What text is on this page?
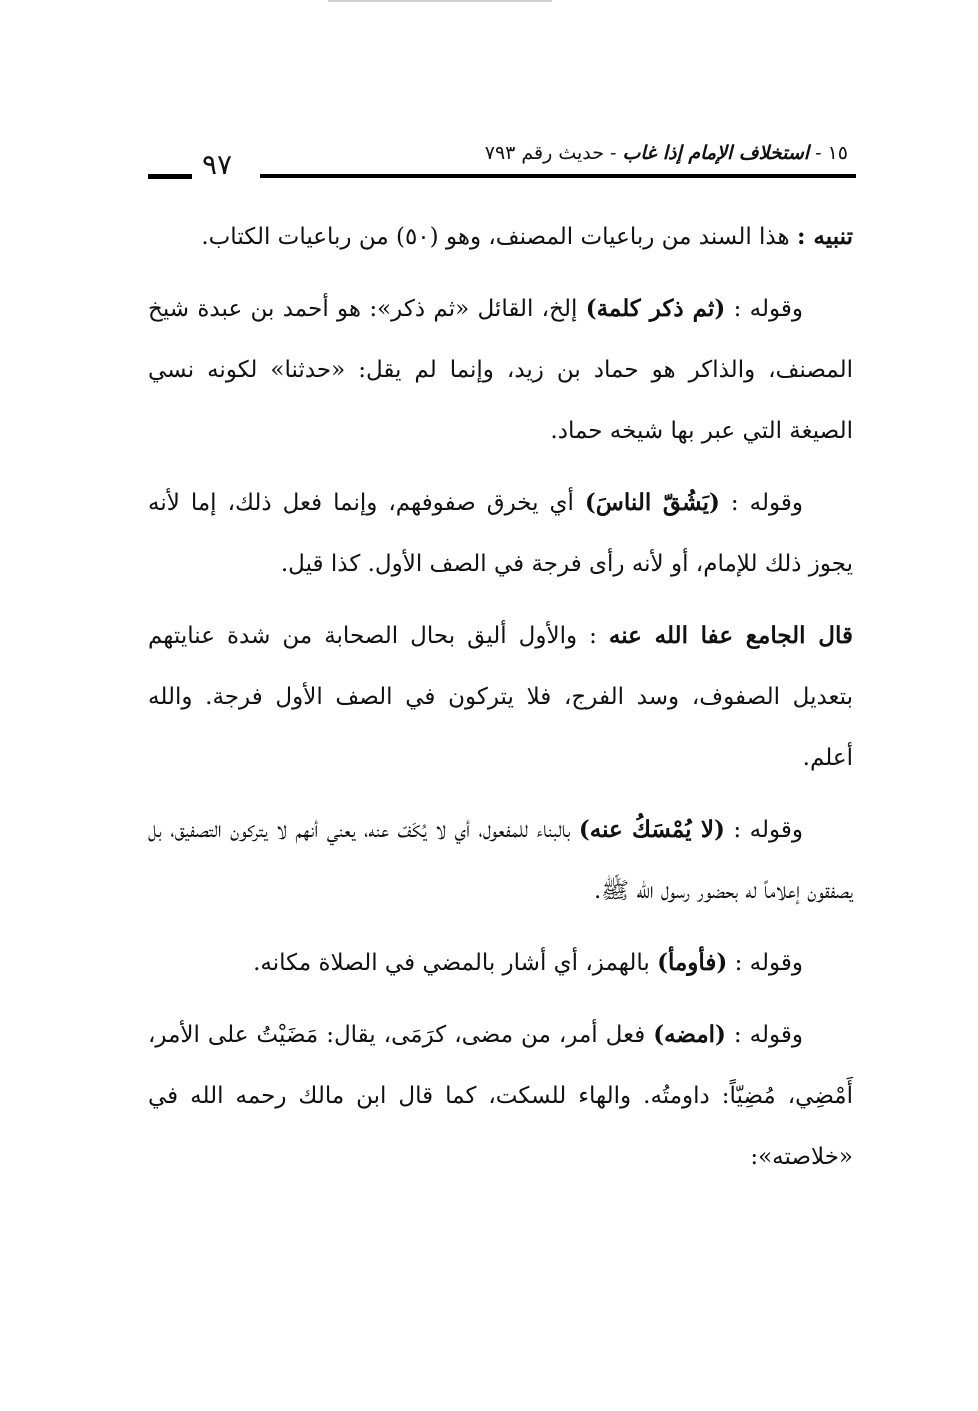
١٥ - استخلاف الإمام إذا غاب - حديث رقم ٧٩٣
٩٧

تنبيه : هذا السند من رباعيات المصنف، وهو (٥٠) من رباعيات الكتاب.

وقوله : (ثم ذكر كلمة) إلخ، القائل «ثم ذكر»: هو أحمد بن عبدة شيخ المصنف، والذاكر هو حماد بن زيد، وإنما لم يقل: «حدثنا» لكونه نسي الصيغة التي عبر بها شيخه حماد.

وقوله : (يَشُقّ الناسَ) أي يخرق صفوفهم، وإنما فعل ذلك، إما لأنه يجوز ذلك للإمام، أو لأنه رأى فرجة في الصف الأول. كذا قيل.

قال الجامع عفا الله عنه : والأول أليق بحال الصحابة من شدة عنايتهم بتعديل الصفوف، وسد الفرج، فلا يتركون في الصف الأول فرجة. والله أعلم.

وقوله : (لا يُمْسَكُ عنه) بالبناء للمفعول، أي لا يُكَفّ عنه، يعني أنهم لا يتركون التصفيق، بل يصفقون إعلاماً له بحضور رسول الله ﷺ.

وقوله : (فأومأ) بالهمز، أي أشار بالمضي في الصلاة مكانه.

وقوله : (امضه) فعل أمر، من مضى، كرَمَى، يقال: مَضَيْتُ على الأمر، أَمْضِي، مُضِيّاً: داومتُه. والهاء للسكت، كما قال ابن مالك رحمه الله في «خلاصته»:
